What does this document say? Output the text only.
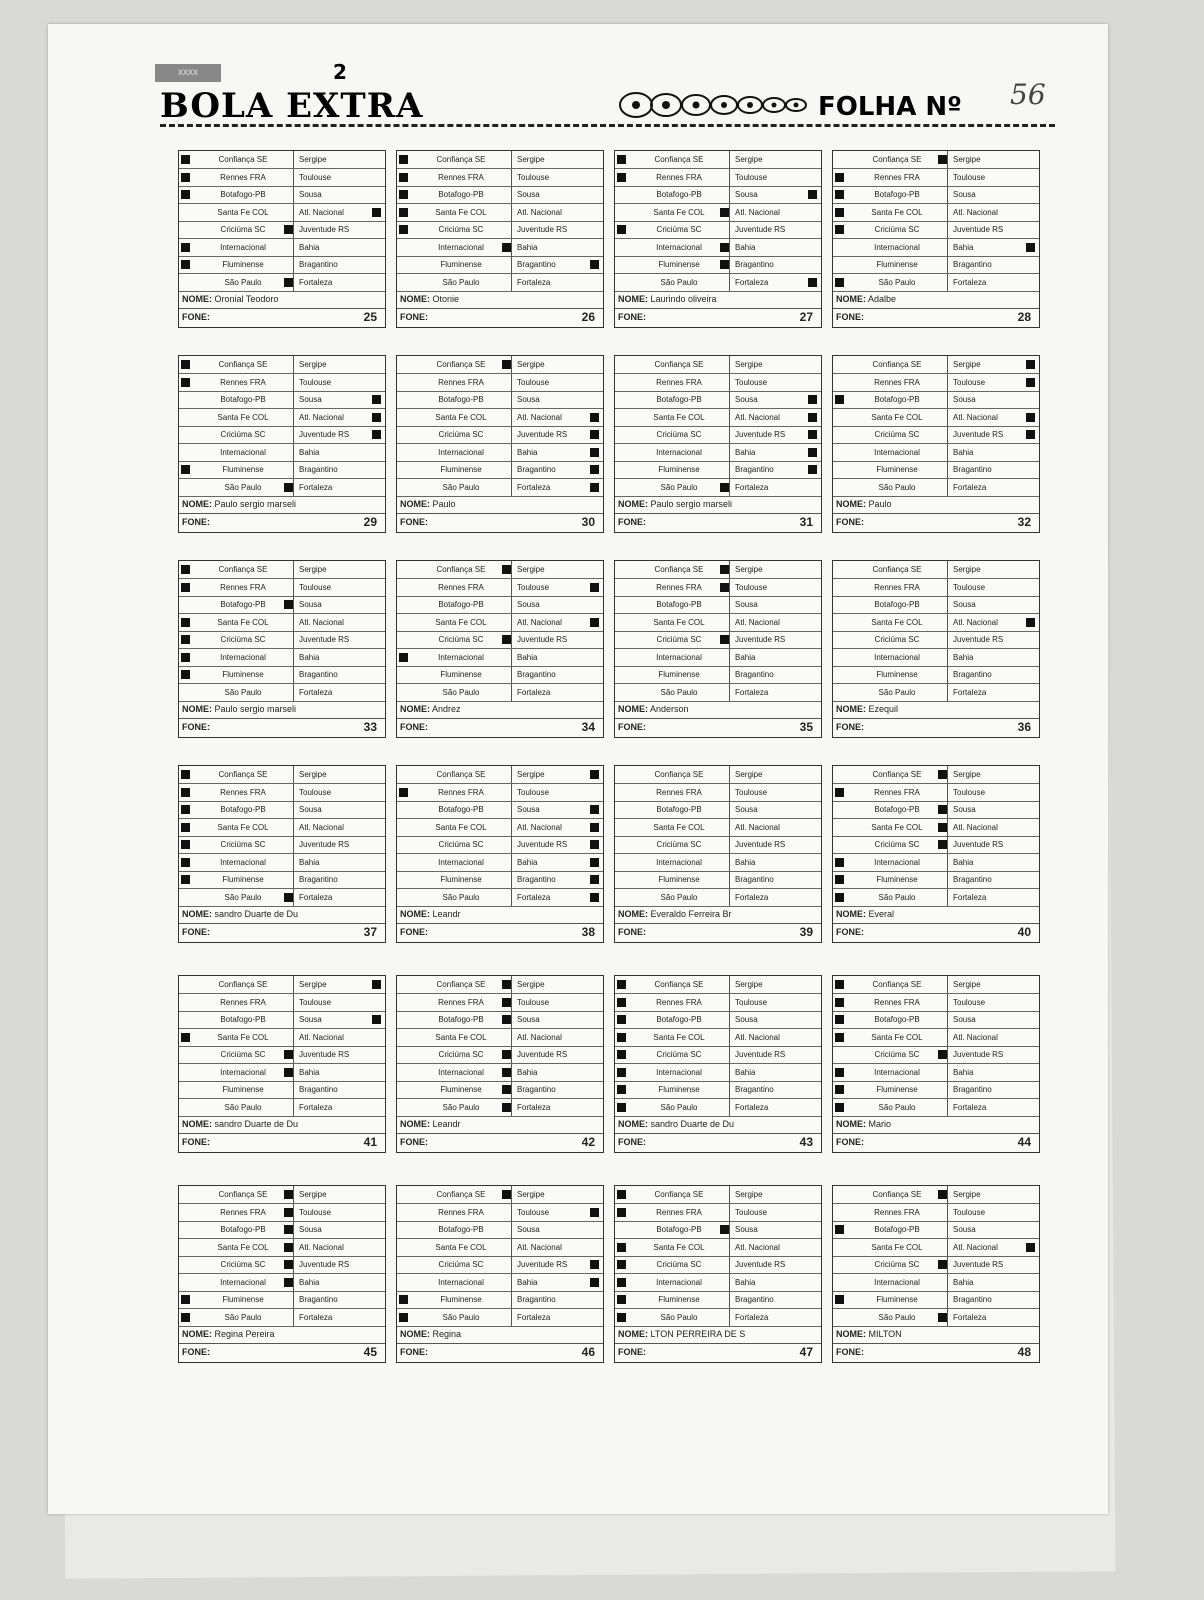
xxxx	2
BOLA EXTRA	FOLHA Nº 56
Confiança SE	Sergipe
Rennes FRA	Toulouse
Botafogo-PB	Sousa
Santa Fe COL	Atl. Nacional
Criciúma SC	Juventude RS
Internacional	Bahia
Fluminense	Bragantino
São Paulo	Fortaleza
NOME: Oronial Teodoro
FONE:	25
Confiança SE	Sergipe
Rennes FRA	Toulouse
Botafogo-PB	Sousa
Santa Fe COL	Atl. Nacional
Criciúma SC	Juventude RS
Internacional	Bahia
Fluminense	Bragantino
São Paulo	Fortaleza
NOME: Otonie
FONE:	26
Confiança SE	Sergipe
Rennes FRA	Toulouse
Botafogo-PB	Sousa
Santa Fe COL	Atl. Nacional
Criciúma SC	Juventude RS
Internacional	Bahia
Fluminense	Bragantino
São Paulo	Fortaleza
NOME: Laurindo oliveira
FONE:	27
Confiança SE	Sergipe
Rennes FRA	Toulouse
Botafogo-PB	Sousa
Santa Fe COL	Atl. Nacional
Criciúma SC	Juventude RS
Internacional	Bahia
Fluminense	Bragantino
São Paulo	Fortaleza
NOME: Adalbe
FONE:	28
Confiança SE	Sergipe
Rennes FRA	Toulouse
Botafogo-PB	Sousa
Santa Fe COL	Atl. Nacional
Criciúma SC	Juventude RS
Internacional	Bahia
Fluminense	Bragantino
São Paulo	Fortaleza
NOME: Paulo sergio marseli
FONE:	29
Confiança SE	Sergipe
Rennes FRA	Toulouse
Botafogo-PB	Sousa
Santa Fe COL	Atl. Nacional
Criciúma SC	Juventude RS
Internacional	Bahia
Fluminense	Bragantino
São Paulo	Fortaleza
NOME: Paulo
FONE:	30
Confiança SE	Sergipe
Rennes FRA	Toulouse
Botafogo-PB	Sousa
Santa Fe COL	Atl. Nacional
Criciúma SC	Juventude RS
Internacional	Bahia
Fluminense	Bragantino
São Paulo	Fortaleza
NOME: Paulo sergio marseli
FONE:	31
Confiança SE	Sergipe
Rennes FRA	Toulouse
Botafogo-PB	Sousa
Santa Fe COL	Atl. Nacional
Criciúma SC	Juventude RS
Internacional	Bahia
Fluminense	Bragantino
São Paulo	Fortaleza
NOME: Paulo
FONE:	32
Confiança SE	Sergipe
Rennes FRA	Toulouse
Botafogo-PB	Sousa
Santa Fe COL	Atl. Nacional
Criciúma SC	Juventude RS
Internacional	Bahia
Fluminense	Bragantino
São Paulo	Fortaleza
NOME: Paulo sergio marseli
FONE:	33
Confiança SE	Sergipe
Rennes FRA	Toulouse
Botafogo-PB	Sousa
Santa Fe COL	Atl. Nacional
Criciúma SC	Juventude RS
Internacional	Bahia
Fluminense	Bragantino
São Paulo	Fortaleza
NOME: Andrez
FONE:	34
Confiança SE	Sergipe
Rennes FRA	Toulouse
Botafogo-PB	Sousa
Santa Fe COL	Atl. Nacional
Criciúma SC	Juventude RS
Internacional	Bahia
Fluminense	Bragantino
São Paulo	Fortaleza
NOME: Anderson
FONE:	35
Confiança SE	Sergipe
Rennes FRA	Toulouse
Botafogo-PB	Sousa
Santa Fe COL	Atl. Nacional
Criciúma SC	Juventude RS
Internacional	Bahia
Fluminense	Bragantino
São Paulo	Fortaleza
NOME: Ezequil
FONE:	36
Confiança SE	Sergipe
Rennes FRA	Toulouse
Botafogo-PB	Sousa
Santa Fe COL	Atl. Nacional
Criciúma SC	Juventude RS
Internacional	Bahia
Fluminense	Bragantino
São Paulo	Fortaleza
NOME: sandro Duarte de Du
FONE:	37
Confiança SE	Sergipe
Rennes FRA	Toulouse
Botafogo-PB	Sousa
Santa Fe COL	Atl. Nacional
Criciúma SC	Juventude RS
Internacional	Bahia
Fluminense	Bragantino
São Paulo	Fortaleza
NOME: Leandr
FONE:	38
Confiança SE	Sergipe
Rennes FRA	Toulouse
Botafogo-PB	Sousa
Santa Fe COL	Atl. Nacional
Criciúma SC	Juventude RS
Internacional	Bahia
Fluminense	Bragantino
São Paulo	Fortaleza
NOME: Everaldo Ferreira Br
FONE:	39
Confiança SE	Sergipe
Rennes FRA	Toulouse
Botafogo-PB	Sousa
Santa Fe COL	Atl. Nacional
Criciúma SC	Juventude RS
Internacional	Bahia
Fluminense	Bragantino
São Paulo	Fortaleza
NOME: Everal
FONE:	40
Confiança SE	Sergipe
Rennes FRA	Toulouse
Botafogo-PB	Sousa
Santa Fe COL	Atl. Nacional
Criciúma SC	Juventude RS
Internacional	Bahia
Fluminense	Bragantino
São Paulo	Fortaleza
NOME: sandro Duarte de Du
FONE:	41
Confiança SE	Sergipe
Rennes FRA	Toulouse
Botafogo-PB	Sousa
Santa Fe COL	Atl. Nacional
Criciúma SC	Juventude RS
Internacional	Bahia
Fluminense	Bragantino
São Paulo	Fortaleza
NOME: Leandr
FONE:	42
Confiança SE	Sergipe
Rennes FRA	Toulouse
Botafogo-PB	Sousa
Santa Fe COL	Atl. Nacional
Criciúma SC	Juventude RS
Internacional	Bahia
Fluminense	Bragantino
São Paulo	Fortaleza
NOME: sandro Duarte de Du
FONE:	43
Confiança SE	Sergipe
Rennes FRA	Toulouse
Botafogo-PB	Sousa
Santa Fe COL	Atl. Nacional
Criciúma SC	Juventude RS
Internacional	Bahia
Fluminense	Bragantino
São Paulo	Fortaleza
NOME: Mario
FONE:	44
Confiança SE	Sergipe
Rennes FRA	Toulouse
Botafogo-PB	Sousa
Santa Fe COL	Atl. Nacional
Criciúma SC	Juventude RS
Internacional	Bahia
Fluminense	Bragantino
São Paulo	Fortaleza
NOME: Regina Pereira
FONE:	45
Confiança SE	Sergipe
Rennes FRA	Toulouse
Botafogo-PB	Sousa
Santa Fe COL	Atl. Nacional
Criciúma SC	Juventude RS
Internacional	Bahia
Fluminense	Bragantino
São Paulo	Fortaleza
NOME: Regina
FONE:	46
Confiança SE	Sergipe
Rennes FRA	Toulouse
Botafogo-PB	Sousa
Santa Fe COL	Atl. Nacional
Criciúma SC	Juventude RS
Internacional	Bahia
Fluminense	Bragantino
São Paulo	Fortaleza
NOME: LTON PERREIRA DE S
FONE:	47
Confiança SE	Sergipe
Rennes FRA	Toulouse
Botafogo-PB	Sousa
Santa Fe COL	Atl. Nacional
Criciúma SC	Juventude RS
Internacional	Bahia
Fluminense	Bragantino
São Paulo	Fortaleza
NOME: MILTON
FONE:	48
